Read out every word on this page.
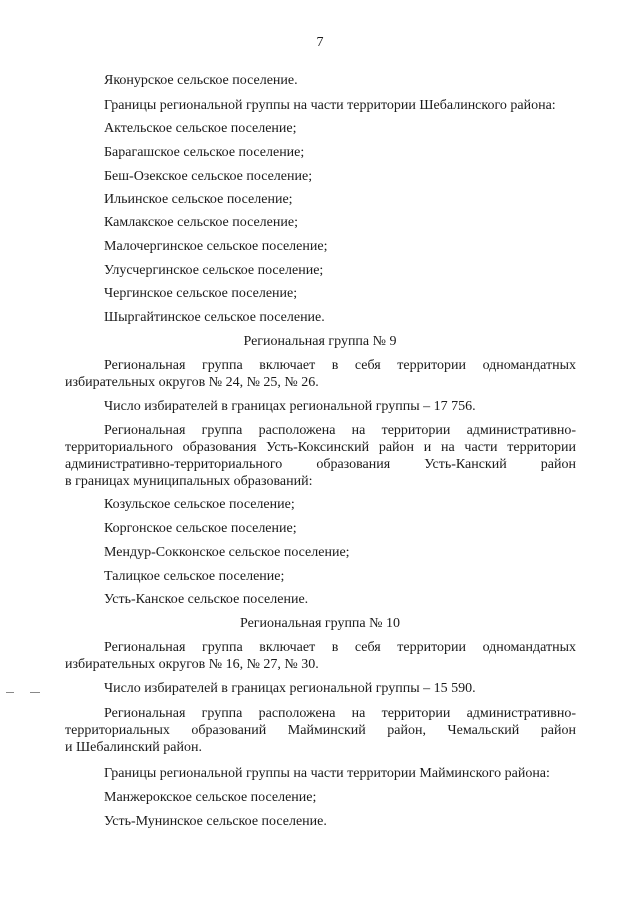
7
Яконурское сельское поселение.
Границы региональной группы на части территории Шебалинского района:
Актельское сельское поселение;
Барагашское сельское поселение;
Беш-Озекское сельское поселение;
Ильинское сельское поселение;
Камлакское сельское поселение;
Малочергинское сельское поселение;
Улусчергинское сельское поселение;
Чергинское сельское поселение;
Шыргайтинское сельское поселение.
Региональная группа № 9
Региональная группа включает в себя территории одномандатных
избирательных округов № 24, № 25, № 26.
Число избирателей в границах региональной группы – 17 756.
Региональная группа расположена на территории административно-
территориального образования Усть-Коксинский район и на части территории
административно-территориального образования Усть-Канский район
в границах муниципальных образований:
Козульское сельское поселение;
Коргонское сельское поселение;
Мендур-Сокконское сельское поселение;
Талицкое сельское поселение;
Усть-Канское сельское поселение.
Региональная группа № 10
Региональная группа включает в себя территории одномандатных
избирательных округов № 16, № 27, № 30.
Число избирателей в границах региональной группы – 15 590.
Региональная группа расположена на территории административно-
территориальных образований Майминский район, Чемальский район
и Шебалинский район.
Границы региональной группы на части территории Майминского района:
Манжерокское сельское поселение;
Усть-Мунинское сельское поселение.
